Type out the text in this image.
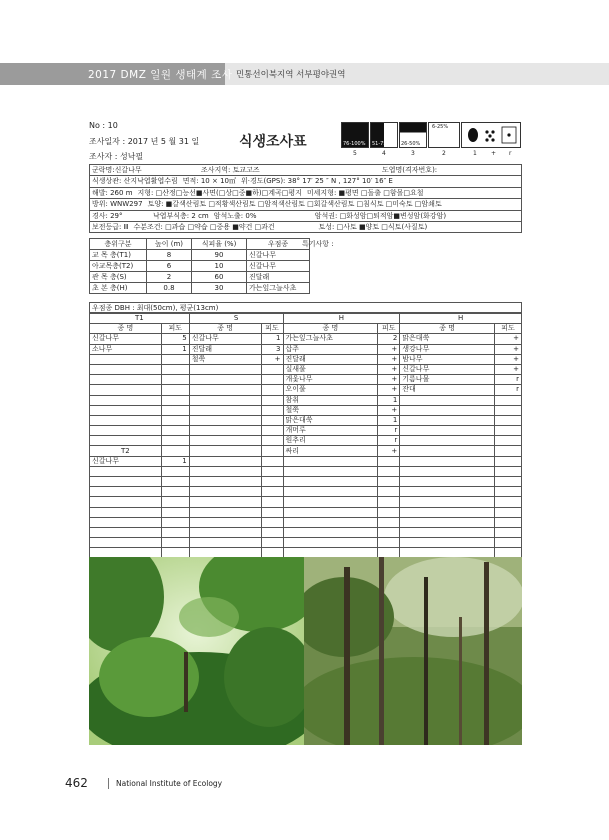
2017 DMZ 일원 생태계 조사 민통선이북지역 서부평야권역
No : 10
조사일자 : 2017 년 5 월 31 일
조사자 : 성낙필
식생조사표	76-100% 51-75% 26-50%
6-25%
5	4	3	2	1 + r
군락명:신갈나무	조사지역: 토교고즈	도엽명(격자번호):
식생상관: 산지낙엽활엽수림 면적: 10 × 10㎡ 위·경도(GPS): 38° 17′ 25 ″ N , 127° 10′ 16″ E
해발: 260 m 지형: □산정□능선■사면(□상□중■하)□계곡□평지 미세지형: ■평면 □돌출 □함몰□요철
방위: WNW297 토양: ■갈색산림토 □적황색산림토 □암적색산림토 □회갈색산림토 □침식토 □미숙토 □암쇄토
경사: 29°	낙엽부식층: 2 cm 암석노출: 0%	암석권: □화성암□퇴적암■변성암(화강암)
보전등급: Ⅲ 수분조건: □과습 □약습 □중용 ■약건 □과건	토성: □사토 ■양토 □식토(사질토)
층위구분	높이 (m)	식피율 (%)	우점종
교 목 층(T1)	8	90	신갈나무
아교목층(T2)	6	10	신갈나무
관 목 층(S)	2	60	진달래
초 본 층(H)	0.8	30	가는잎그늘사초
특기사항 :
우점종 DBH : 최대(50cm), 평균(13cm)
T1		S		H		H	
종 명	피도	종 명	피도	종 명	피도	종 명	피도
신갈나무	5	신갈나무	1	가는잎그늘사초	2	맑은대쑥	+
소나무	1	진달래	3	삽주	+	생강나무	+
		철쭉	+	진달래	+	밤나무	+
				실새풀	+	신갈나무	+
				개옻나무	+	기름나물	r
				오이풀	+	잔대	r
				참취	1		
				철쭉	+		
				맑은대쑥	1		
				개머루	r		
				원추리	r		
T2				싸리	+		
신갈나무	1						

462	National Institute of Ecology
